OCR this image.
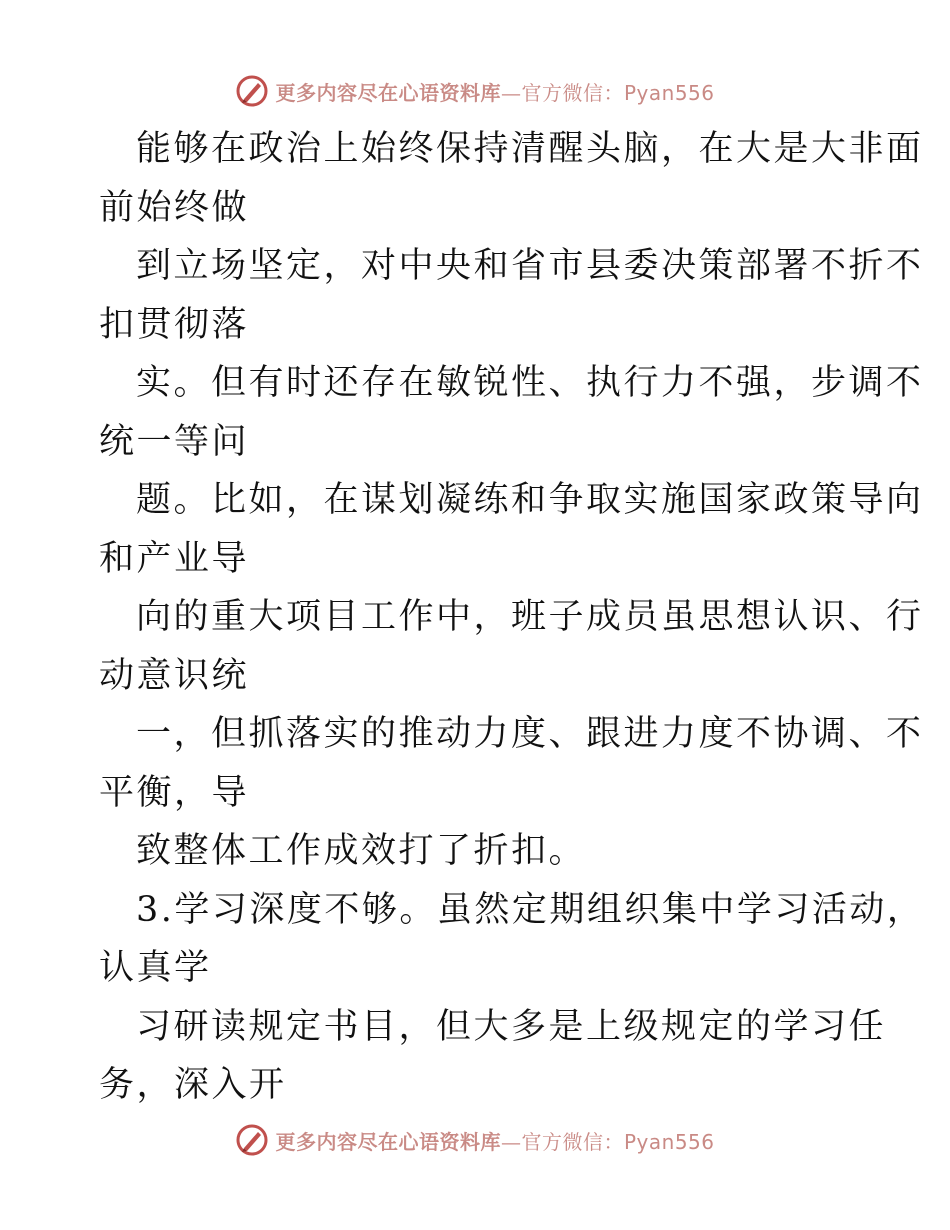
更多内容尽在心语资料库—官方微信：Pyan556
能够在政治上始终保持清醒头脑，在大是大非面
前始终做
到立场坚定，对中央和省市县委决策部署不折不
扣贯彻落
实。但有时还存在敏锐性、执行力不强，步调不
统一等问
题。比如，在谋划凝练和争取实施国家政策导向
和产业导
向的重大项目工作中，班子成员虽思想认识、行
动意识统
一，但抓落实的推动力度、跟进力度不协调、不
平衡，导
致整体工作成效打了折扣。
3.学习深度不够。虽然定期组织集中学习活动，
认真学
习研读规定书目，但大多是上级规定的学习任
务，深入开
更多内容尽在心语资料库—官方微信：Pyan556
